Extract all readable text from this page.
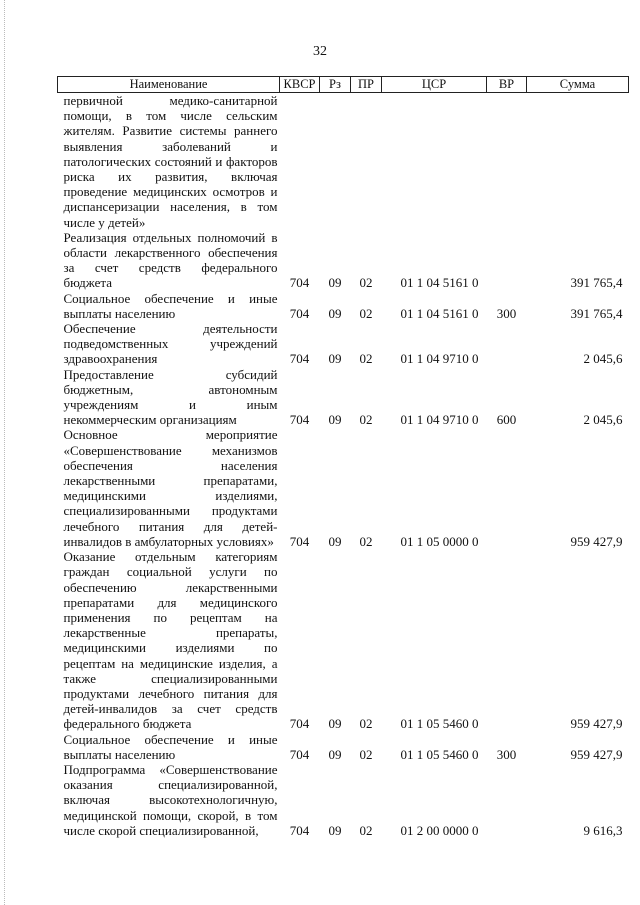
32
Наименование	КВСР	Рз	ПР	ЦСР	ВР	Сумма
первичной медико-санитарной помощи, в том числе сельским жителям. Развитие системы раннего выявления заболеваний и патологических состояний и факторов риска их развития, включая проведение медицинских осмотров и диспансеризации населения, в том числе у детей»						
Реализация отдельных полномочий в области лекарственного обеспечения за счет средств федерального бюджета	704	09	02	01 1 04 5161 0		391 765,4
Социальное обеспечение и иные выплаты населению	704	09	02	01 1 04 5161 0	300	391 765,4
Обеспечение деятельности подведомственных учреждений здравоохранения	704	09	02	01 1 04 9710 0		2 045,6
Предоставление субсидий бюджетным, автономным учреждениям и иным некоммерческим организациям	704	09	02	01 1 04 9710 0	600	2 045,6
Основное мероприятие «Совершенствование механизмов обеспечения населения лекарственными препаратами, медицинскими изделиями, специализированными продуктами лечебного питания для детей-инвалидов в амбулаторных условиях»	704	09	02	01 1 05 0000 0		959 427,9
Оказание отдельным категориям граждан социальной услуги по обеспечению лекарственными препаратами для медицинского применения по рецептам на лекарственные препараты, медицинскими изделиями по рецептам на медицинские изделия, а также специализированными продуктами лечебного питания для детей-инвалидов за счет средств федерального бюджета	704	09	02	01 1 05 5460 0		959 427,9
Социальное обеспечение и иные выплаты населению	704	09	02	01 1 05 5460 0	300	959 427,9
Подпрограмма «Совершенствование оказания специализированной, включая высокотехнологичную, медицинской помощи, скорой, в том числе скорой специализированной,	704	09	02	01 2 00 0000 0		9 616,3
